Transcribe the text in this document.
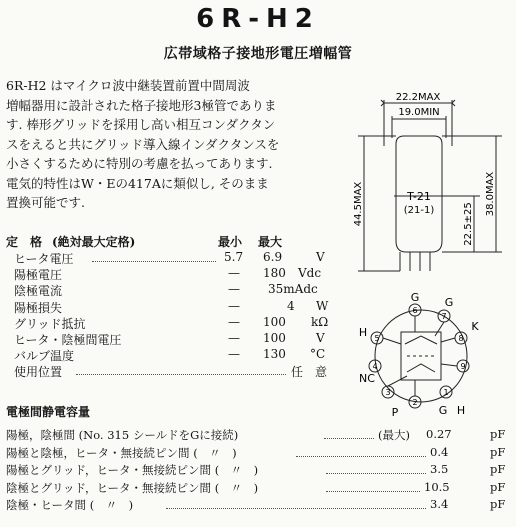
6R-H2
広帯域格子接地形電圧増幅管
6R-H2 はマイクロ波中継装置前置中間周波
増幅器用に設計された格子接地形3極管でありま
す. 棒形グリッドを採用し高い相互コンダクタン
スをえると共にグリッド導入線インダクタンスを
小さくするために特別の考慮を払ってあります.
電気的特性はW・Eの417Aに類似し, そのまま
置換可能です.
定　格 (絶対最大定格)	最小 最大
ヒータ電圧	5.7 6.9	V
陽極電圧	— 180 Vdc
陰極電流	— 35mAdc
陽極損失	—	4 W
グリッド抵抗	— 100 kΩ
ヒータ・陰極間電圧	— 100	V
バルブ温度	— 130 °C
使用位置	任　意
電極間静電容量
陽極，陰極間 (No. 315 シールドをGに接続)	(最大) 0.27	pF
陽極と陰極，ヒータ・無接続ピン間 (　〃　)	0.4	pF
陽極とグリッド，ヒータ・無接続ピン間 (　〃　)	3.5	pF
陰極とグリッド，ヒータ・無接続ピン間 (　〃　)	10.5	pF
陰極・ヒータ間 (　〃　)	3.4	pF
22.2MAX
19.0MIN
T-21
(21-1)
44.5MAX	22.5±25
38.0MAX
6
7
8
9
1
2
3
4
5
G G
K
H
NC
P	G H
